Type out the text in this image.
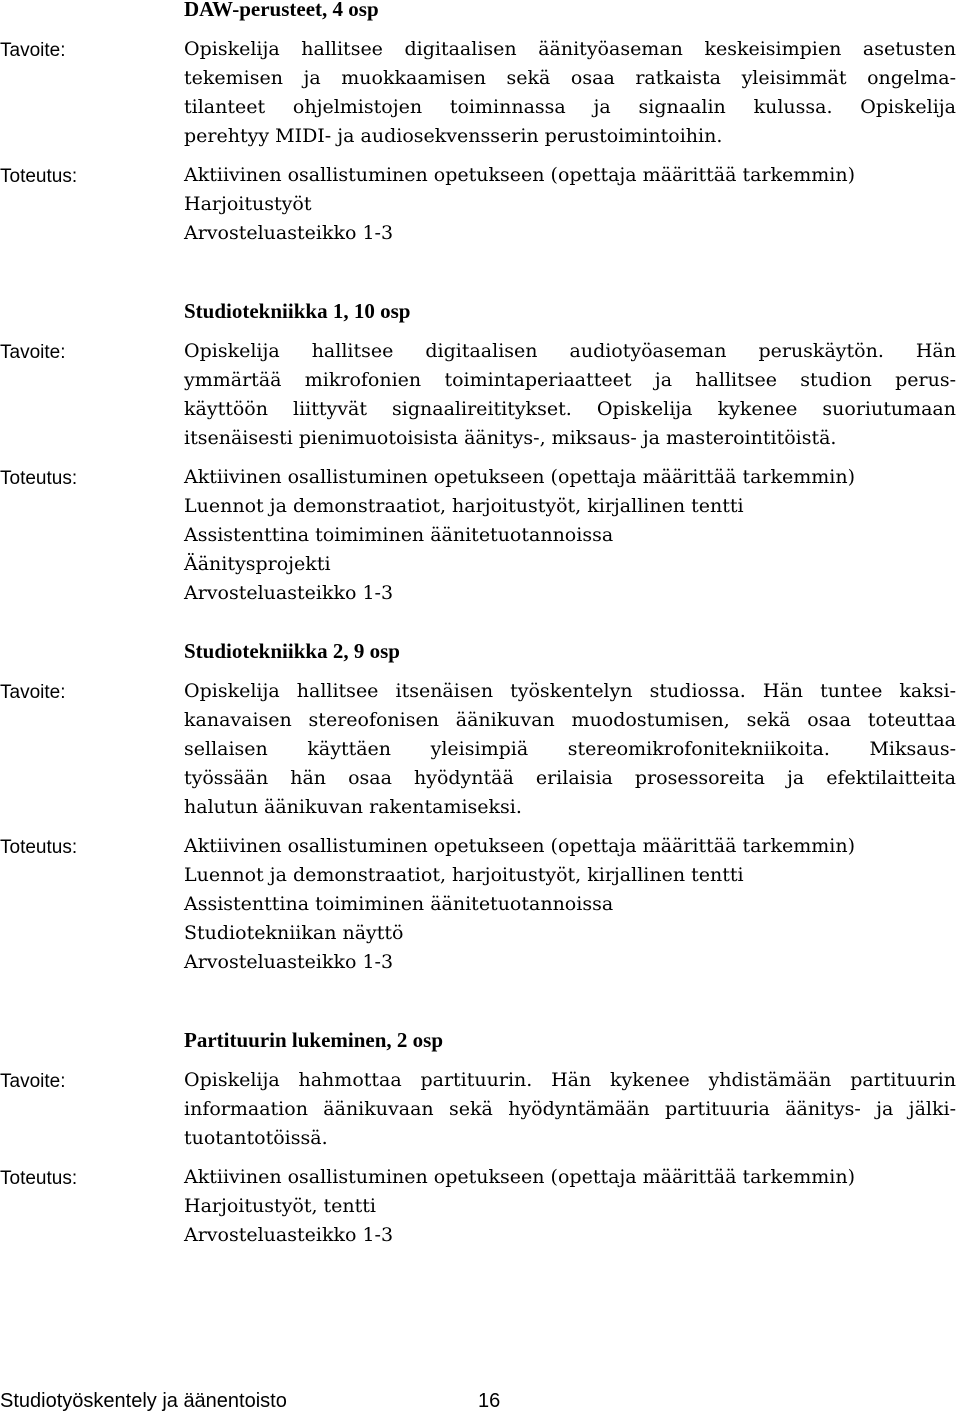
DAW-perusteet, 4 osp
Tavoite:	Opiskelija hallitsee digitaalisen äänityöaseman keskeisimpien asetusten
tekemisen ja muokkaamisen sekä osaa ratkaista yleisimmät ongelma-
tilanteet ohjelmistojen toiminnassa ja signaalin kulussa. Opiskelija
perehtyy MIDI- ja audiosekvensserin perustoimintoihin.
Toteutus:	Aktiivinen osallistuminen opetukseen (opettaja määrittää tarkemmin)
Harjoitustyöt
Arvosteluasteikko 1-3
Studiotekniikka 1, 10 osp
Tavoite:	Opiskelija hallitsee digitaalisen audiotyöaseman peruskäytön. Hän
ymmärtää mikrofonien toimintaperiaatteet ja hallitsee studion perus-
käyttöön liittyvät signaalireititykset. Opiskelija kykenee suoriutumaan
itsenäisesti pienimuotoisista äänitys-, miksaus- ja masterointitöistä.
Toteutus:	Aktiivinen osallistuminen opetukseen (opettaja määrittää tarkemmin)
Luennot ja demonstraatiot, harjoitustyöt, kirjallinen tentti
Assistenttina toimiminen äänitetuotannoissa
Äänitysprojekti
Arvosteluasteikko 1-3
Studiotekniikka 2, 9 osp
Tavoite:	Opiskelija hallitsee itsenäisen työskentelyn studiossa. Hän tuntee kaksi-
kanavaisen stereofonisen äänikuvan muodostumisen, sekä osaa toteuttaa
sellaisen käyttäen yleisimpiä stereomikrofonitekniikoita. Miksaus-
työssään hän osaa hyödyntää erilaisia prosessoreita ja efektilaitteita
halutun äänikuvan rakentamiseksi.
Toteutus:	Aktiivinen osallistuminen opetukseen (opettaja määrittää tarkemmin)
Luennot ja demonstraatiot, harjoitustyöt, kirjallinen tentti
Assistenttina toimiminen äänitetuotannoissa
Studiotekniikan näyttö
Arvosteluasteikko 1-3
Partituurin lukeminen, 2 osp
Tavoite:	Opiskelija hahmottaa partituurin. Hän kykenee yhdistämään partituurin
informaation äänikuvaan sekä hyödyntämään partituuria äänitys- ja jälki-
tuotantotöissä.
Toteutus:	Aktiivinen osallistuminen opetukseen (opettaja määrittää tarkemmin)
Harjoitustyöt, tentti
Arvosteluasteikko 1-3
Studiotyöskentely ja äänentoisto	16
